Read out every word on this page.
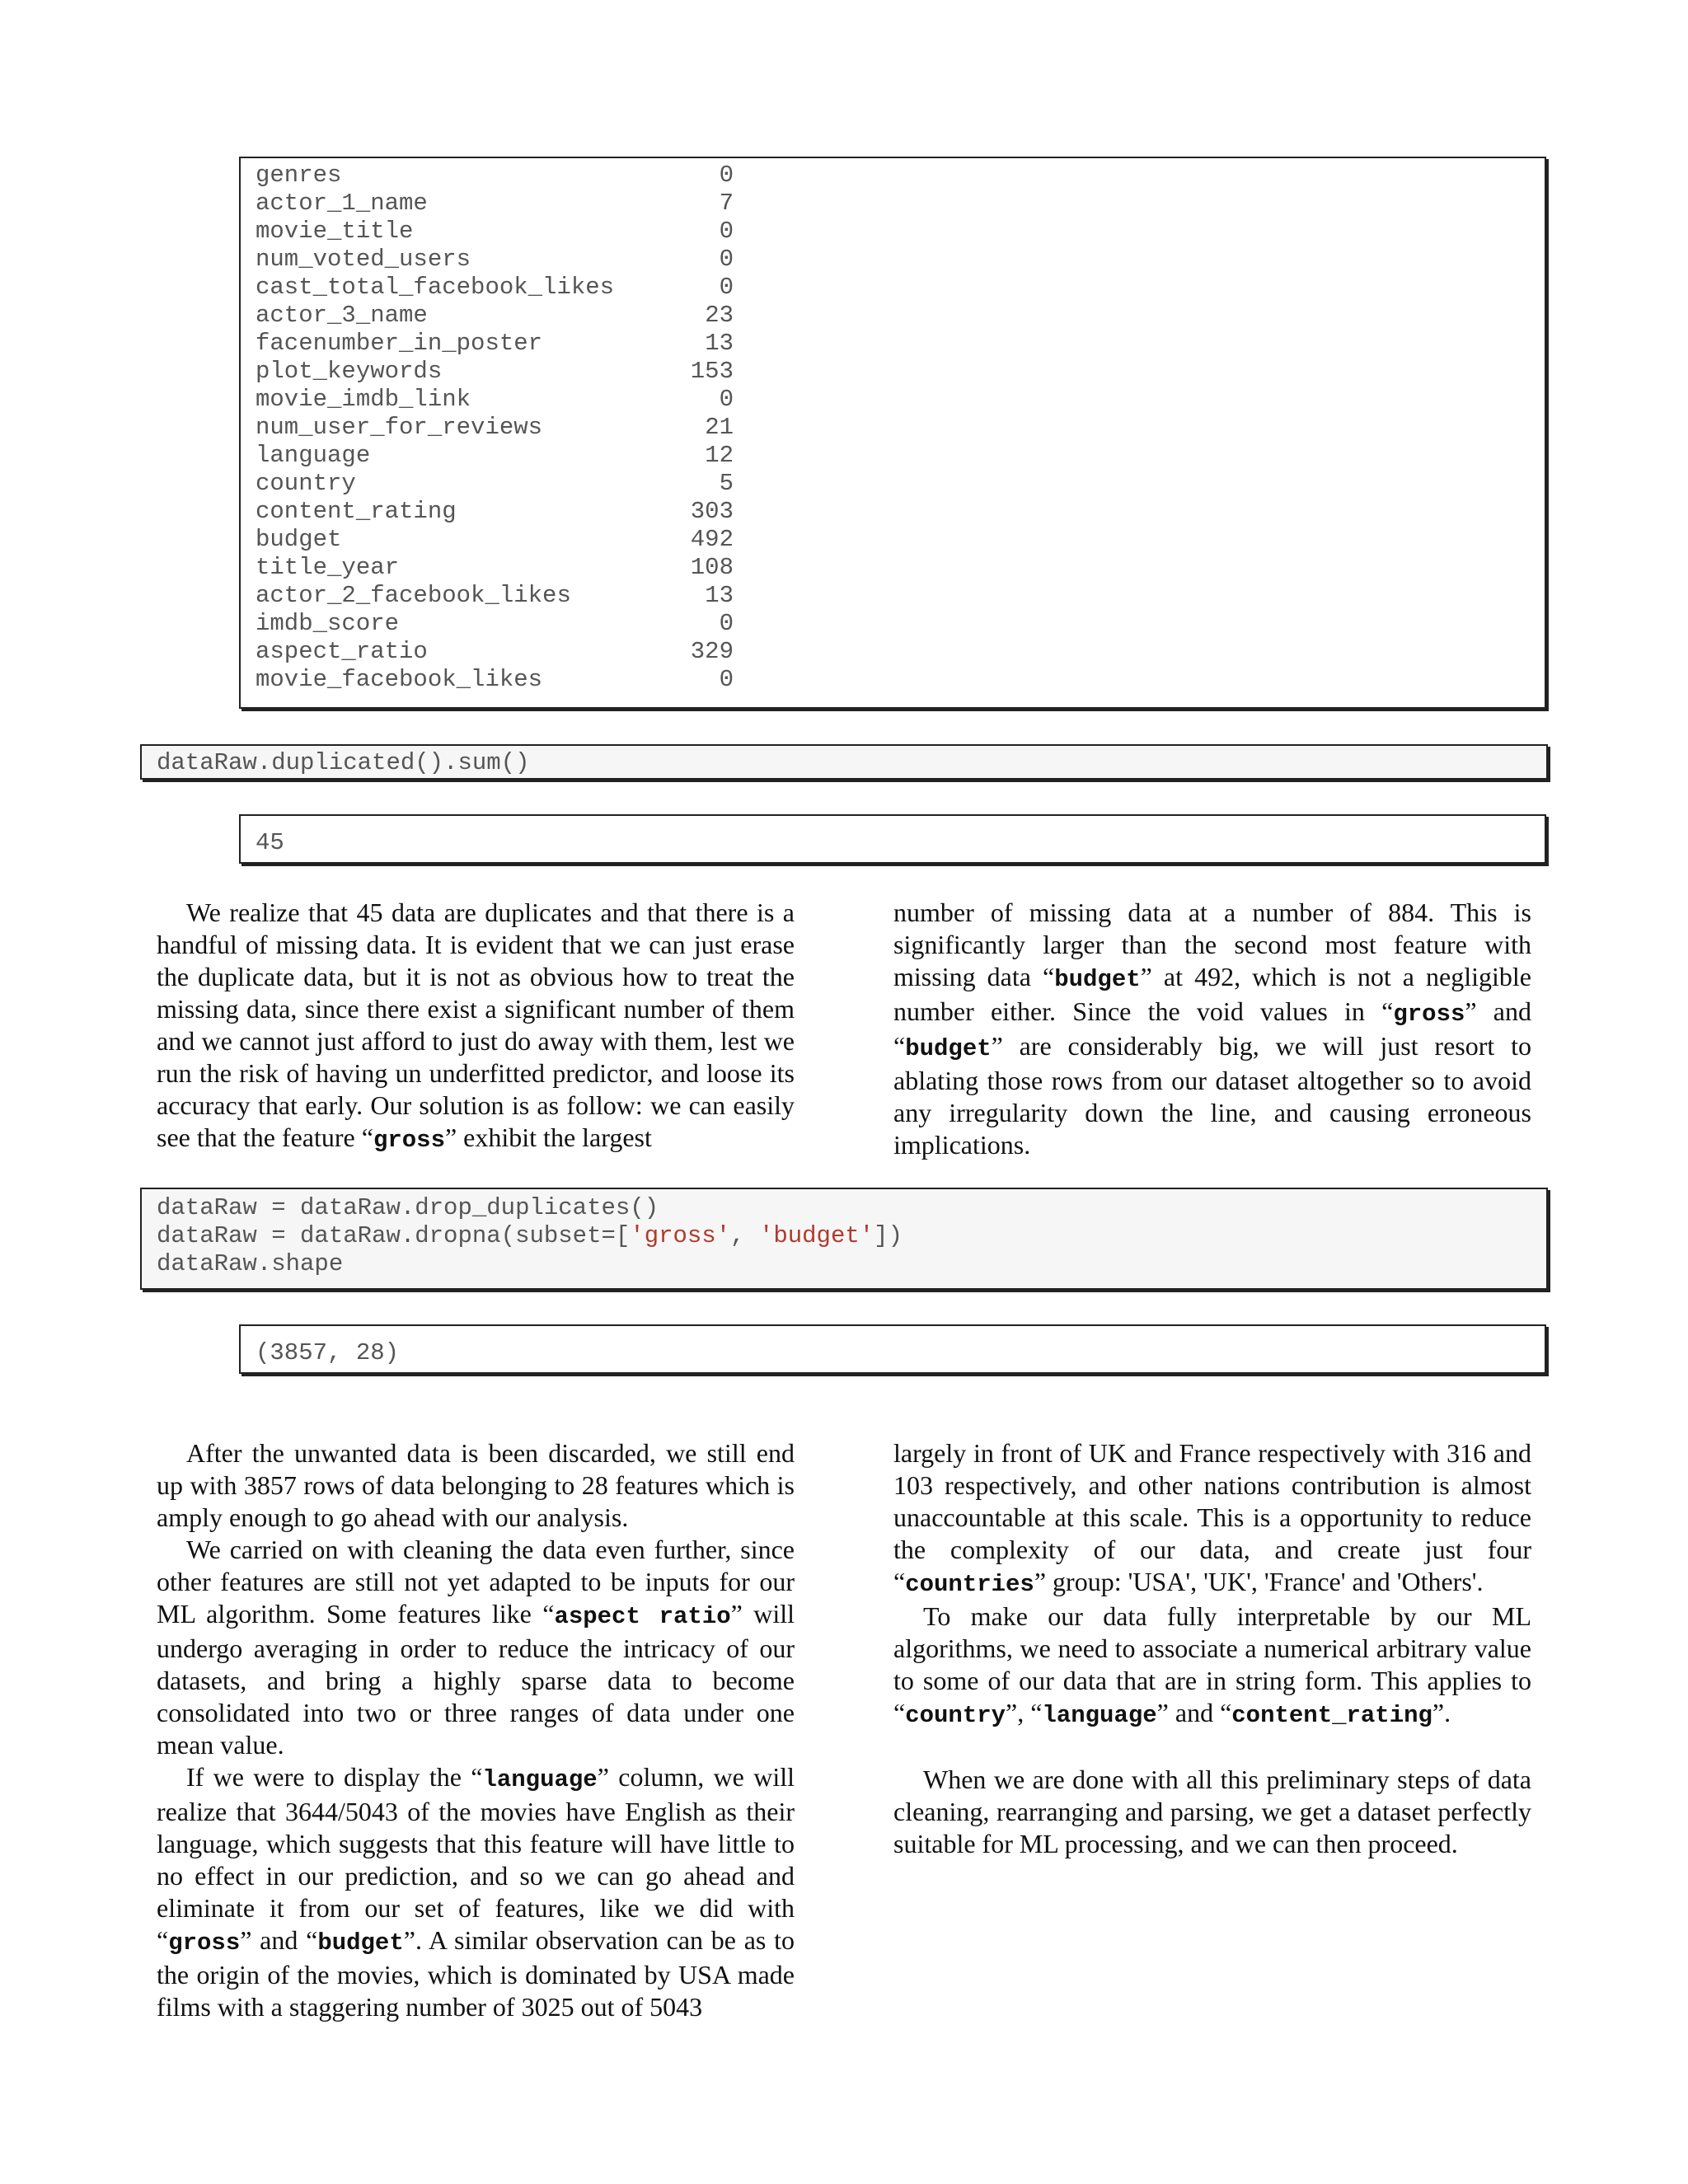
genres	0
actor_1_name	7
movie_title	0
num_voted_users	0
cast_total_facebook_likes	0
actor_3_name	23
facenumber_in_poster	13
plot_keywords	153
movie_imdb_link	0
num_user_for_reviews	21
language	12
country	5
content_rating	303
budget	492
title_year	108
actor_2_facebook_likes	13
imdb_score	0
aspect_ratio	329
movie_facebook_likes	0
dataRaw.duplicated().sum()
45

We realize that 45 data are duplicates and that there is a handful of missing data. It is evident that we can just erase the duplicate data, but it is not as obvious how to treat the missing data, since there exist a significant number of them and we cannot just afford to just do away with them, lest we run the risk of having un underfitted predictor, and loose its accuracy that early. Our solution is as follow: we can easily see that the feature “gross” exhibit the largest

number of missing data at a number of 884. This is significantly larger than the second most feature with missing data “budget” at 492, which is not a negligible number either. Since the void values in “gross” and “budget” are considerably big, we will just resort to ablating those rows from our dataset altogether so to avoid any irregularity down the line, and causing erroneous implications.

dataRaw = dataRaw.drop_duplicates()
dataRaw = dataRaw.dropna(subset=['gross', 'budget'])
dataRaw.shape
(3857, 28)

After the unwanted data is been discarded, we still end up with 3857 rows of data belonging to 28 features which is amply enough to go ahead with our analysis.

We carried on with cleaning the data even further, since other features are still not yet adapted to be inputs for our ML algorithm. Some features like “aspect ratio” will undergo averaging in order to reduce the intricacy of our datasets, and bring a highly sparse data to become consolidated into two or three ranges of data under one mean value.

If we were to display the “language” column, we will realize that 3644/5043 of the movies have English as their language, which suggests that this feature will have little to no effect in our prediction, and so we can go ahead and eliminate it from our set of features, like we did with “gross” and “budget”. A similar observation can be as to the origin of the movies, which is dominated by USA made films with a staggering number of 3025 out of 5043

largely in front of UK and France respectively with 316 and 103 respectively, and other nations contribution is almost unaccountable at this scale. This is a opportunity to reduce the complexity of our data, and create just four “countries” group: 'USA', 'UK', 'France' and 'Others'.

To make our data fully interpretable by our ML algorithms, we need to associate a numerical arbitrary value to some of our data that are in string form. This applies to “country”, “language” and “content_rating”.

When we are done with all this preliminary steps of data cleaning, rearranging and parsing, we get a dataset perfectly suitable for ML processing, and we can then proceed.
